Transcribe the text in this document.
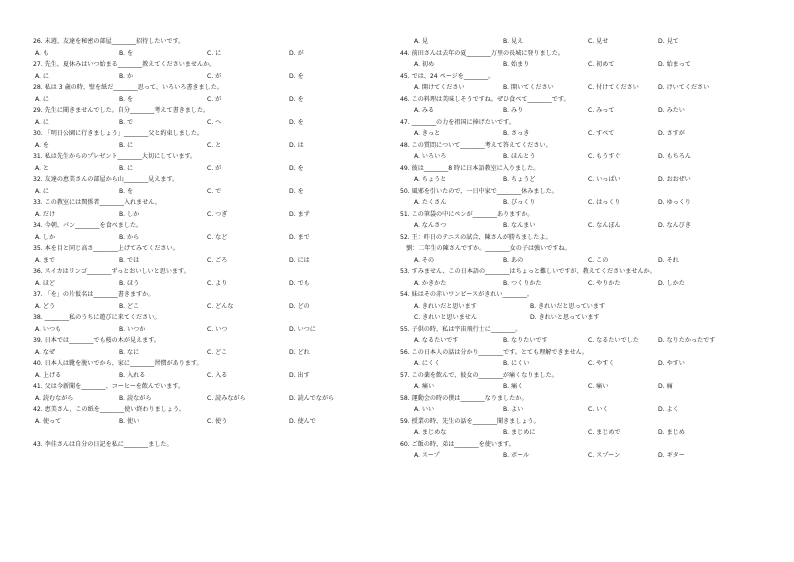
26. 未週、友達を秘密の部屋________招待したいです。
A. も	B. を	C. に	D. が
27. 先生、夏休みはいつ始まる________教えてくださいませんか。
A. に	B. か	C. が	D. を
28. 私は 3 歳の時、壁を紙だ________思って、いろいろ書きました。
A. に	B. を	C. が	D. を
29. 先生に聞きませんでした。自分________考えて書きました。
A. に	B. で	C. へ	D. を
30. 「明日公園に行きましょう」________父と約束しました。
A. を	B. に	C. と	D. は
31. 私は先生からのプレゼント________大切にしています。
A. と	B. に	C. が	D. を
32. 友達の恵美さんの部屋から山________見えます。
A. に	B. を	C. で	D. を
33. この教室には関係者________入れません。
A. だけ	B. しか	C. つぎ	D. まず
34. 今朝、パン________を食べました。
A. しか	B. から	C. など	D. まで
35. 本を目と同じ高さ________上げてみてください。
A. まで	B. では	C. ごろ	D. には
36. スイカはリンゴ________ずっとおいしいと思います。
A. ほど	B. ほう	C. より	D. でも
37. 「を」の片仮名は________書きますか。
A. どう	B. どこ	C. どんな	D. どの
38. ________私のうちに遊びに来てください。
A. いつも	B. いつか	C. いつ	D. いつに
39. 日本では________でも桜の木が見えます。
A. なぜ	B. なに	C. どこ	D. どれ
40. 日本人は靴を脱いでから、家に________習慣があります。
A. 上げる	B. 入れる	C. 入る	D. 出す
41. 父は今新聞を________、コーヒーを飲んでいます。
A. 読むながら	B. 読ながら	C. 読みながら	D. 読んでながら
42. 恵美さん、この紙を________使い終わりましょう。
A. 使って	B. 使い	C. 使う	D. 使んで
43. 李佳さんは自分の日記を私に________ました。
A. 見	B. 見え	C. 見せ	D. 見て
44. 前田さんは去年の夏________万里の長城に登りました。
A. 初め	B. 始まり	C. 初めて	D. 始まって
45. では、24 ページを________。
A. 開けてください	B. 開いてください	C. 付けてください	D. けいてください
46. この料理は美味しそうですね。ぜひ食べて________です。
A. みる	B. みり	C. みって	D. みたい
47. ________の力を祖国に捧げたいです。
A. きっと	B. さっき	C. すべて	D. さすが
48. この質問について________考えて答えてください。
A. いろいろ	B. ほんとう	C. もうすぐ	D. もちろん
49. 彼は________8 時に日本語教室に入りました。
A. ちょうと	B. ちょうど	C. いっぱい	D. おおぜい
50. 風邪を引いたので、一日中家で________休みました。
A. たくさん	B. びっくり	C. はっくり	D. ゆっくり
51. この筆袋の中にペンが________ありますか。
A. なんさつ	B. なんまい	C. なんぼん	D. なんびき
52. 王：昨日のテニスの試合、陳さんが勝ちましたよ。
　劉：二年生の陳さんですか。________女の子は強いですね。
A. その	B. あの	C. この	D. それ
53. すみません、この日本語の________はちょっと難しいですが、教えてくださいませんか。
A. かきかた	B. つくりかた	C. やりかた	D. しかた
54. 妹はその赤いワンピースがきれい________。
A. きれいだと思います	B. きれいだと思っています
C. きれいと思いません	D. きれいと思っています
55. 子供の時、私は宇宙飛行士に________。
A. なるたいです	B. なりたいです	C. なるたいでした	D. なりたかったです
56. この日本人の話は分かり________です。とても理解できません。
A. にくく	B. にくい	C. やすく	D. やすい
57. この薬を飲んで、彼女の________が痛くなりました。
A. 痛い	B. 痛く	C. 痛い	D. 痛
58. 運動会の時の僕は________なりましたか。
A. いい	B. よい	C. いく	D. よく
59. 授業の時、先生の話を________聞きましょう。
A. まじめな	B. まじめに	C. まじめで	D. まじめ
60. ご飯の時、弟は________を使います。
A. スープ	B. ボール	C. スプーン	D. ギター
